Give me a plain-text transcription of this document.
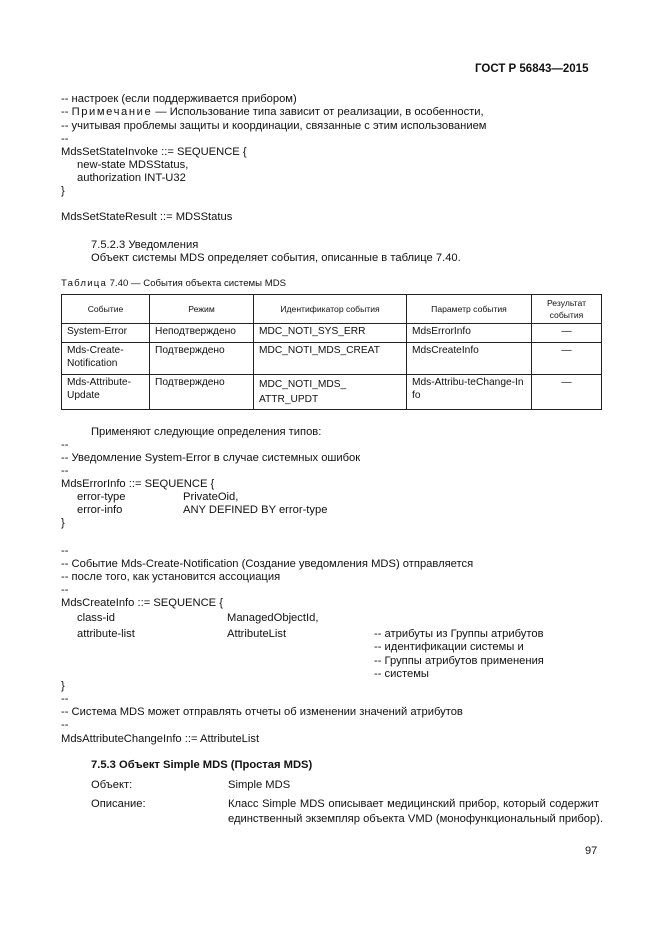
ГОСТ Р 56843—2015
-- настроек (если поддерживается прибором)
-- Примечание — Использование типа зависит от реализации, в особенности,
-- учитывая проблемы защиты и координации, связанные с этим использованием
--
MdsSetStateInvoke ::= SEQUENCE {
new-state MDSStatus,
authorization INT-U32
}
MdsSetStateResult ::= MDSStatus
7.5.2.3 Уведомления
Объект системы MDS определяет события, описанные в таблице 7.40.
Таблица 7.40 — События объекта системы MDS
Событие	Режим	Идентификатор события	Параметр события	Результат события
System-Error	Неподтверждено	MDC_NOTI_SYS_ERR	MdsErrorInfo	—
Mds-Create-Notification	Подтверждено	MDC_NOTI_MDS_CREAT	MdsCreateInfo	—
Mds-Attribute-Update	Подтверждено	MDC_NOTI_MDS_ ATTR_UPDT	Mds-Attribu-teChange-Info	—
Применяют следующие определения типов:
--
-- Уведомление System-Error в случае системных ошибок
--
MdsErrorInfo ::= SEQUENCE {
error-type	PrivateOid,
error-info	ANY DEFINED BY error-type
}
--
-- Событие Mds-Create-Notification (Создание уведомления MDS) отправляется
-- после того, как установится ассоциация
--
MdsCreateInfo ::= SEQUENCE {
class-id	ManagedObjectId,
attribute-list	AttributeList	-- атрибуты из Группы атрибутов
-- идентификации системы и
-- Группы атрибутов применения
-- системы
}
--
-- Система MDS может отправлять отчеты об изменении значений атрибутов
--
MdsAttributeChangeInfo ::= AttributeList
7.5.3 Объект Simple MDS (Простая MDS)
Объект:	Simple MDS
Описание:	Класс Simple MDS описывает медицинский прибор, который содержит
единственный экземпляр объекта VMD (монофункциональный прибор).
97
